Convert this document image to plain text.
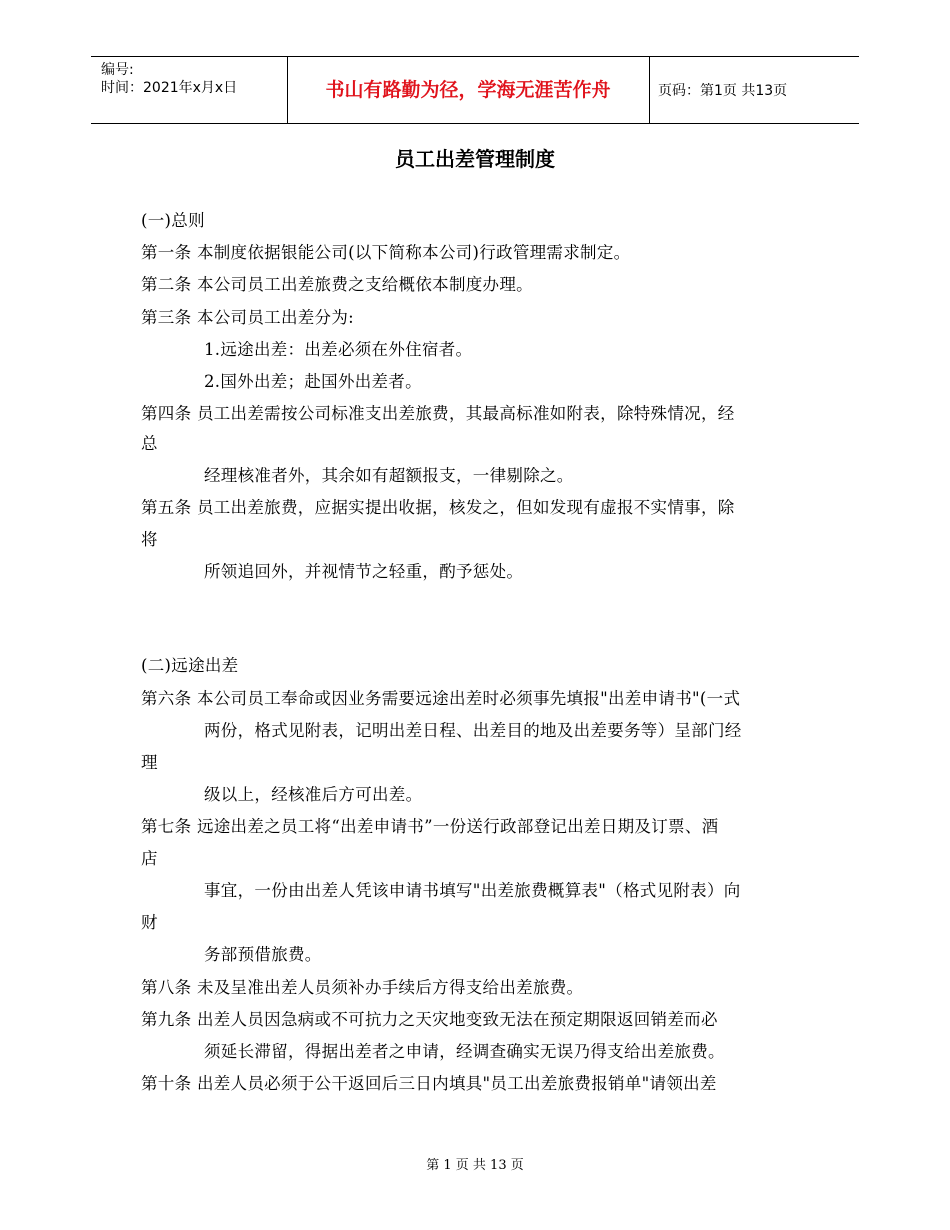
编号:
时间：2021年x月x日	书山有路勤为径，学海无涯苦作舟	页码：第1页 共13页
员工出差管理制度
(一)总则
第一条 本制度依据银能公司(以下简称本公司)行政管理需求制定。
第二条 本公司员工出差旅费之支给概依本制度办理。
第三条 本公司员工出差分为:
1.远途出差：出差必须在外住宿者。
2.国外出差；赴国外出差者。
第四条 员工出差需按公司标准支出差旅费，其最高标准如附表，除特殊情况，经
总
经理核准者外，其余如有超额报支，一律剔除之。
第五条 员工出差旅费，应据实提出收据，核发之，但如发现有虚报不实情事，除
将
所领追回外，并视情节之轻重，酌予惩处。
(二)远途出差
第六条 本公司员工奉命或因业务需要远途出差时必须事先填报"出差申请书"(一式
两份，格式见附表，记明出差日程、出差目的地及出差要务等）呈部门经
理
级以上，经核准后方可出差。
第七条 远途出差之员工将“出差申请书”一份送行政部登记出差日期及订票、酒
店
事宜，一份由出差人凭该申请书填写"出差旅费概算表"（格式见附表）向
财
务部预借旅费。
第八条 未及呈准出差人员须补办手续后方得支给出差旅费。
第九条 出差人员因急病或不可抗力之天灾地变致无法在预定期限返回销差而必
须延长滞留，得据出差者之申请，经调查确实无误乃得支给出差旅费。
第十条 出差人员必须于公干返回后三日内填具"员工出差旅费报销单"请领出差
第 1 页 共 13 页
